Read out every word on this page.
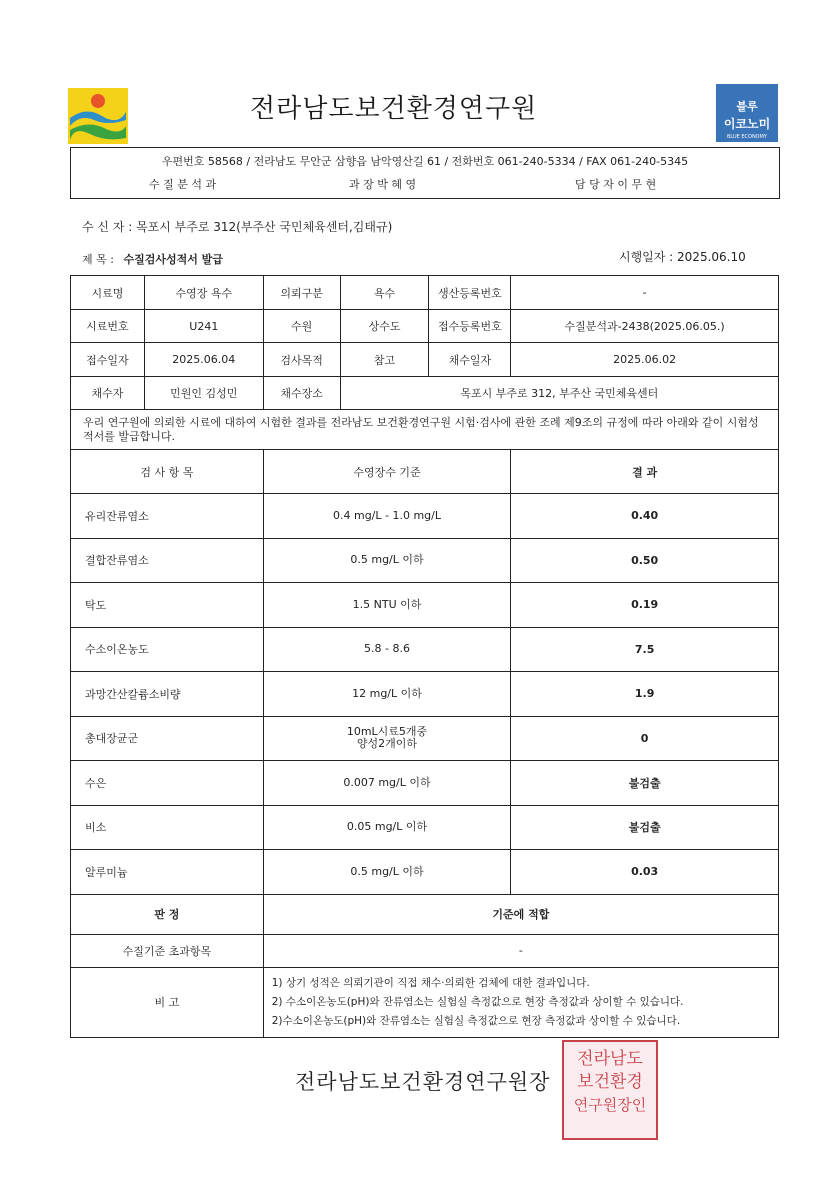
전라남도보건환경연구원	블루
이코노미
BLUE ECONOMY
우편번호 58568 / 전라남도 무안군 삼향읍 남악영산길 61 / 전화번호 061-240-5334 / FAX 061-240-5345
수 질 분 석 과	과 장 박 혜 영	담 당 자 이 무 현
수 신 자 : 목포시 부주로 312(부주산 국민체육센터,김태규)
제 목 : 수질검사성적서 발급	시행일자 : 2025.06.10
시료명	수영장 욕수	의뢰구분	욕수	생산등록번호	-
시료번호	U241	수원	상수도	접수등록번호	수질분석과-2438(2025.06.05.)
접수일자	2025.06.04	검사목적	참고	채수일자	2025.06.02
채수자	민원인 김성민	채수장소	목포시 부주로 312, 부주산 국민체육센터		
우리 연구원에 의뢰한 시료에 대하여 시험한 결과를 전라남도 보건환경연구원 시험·검사에 관한 조례 제9조의 규정에 따라 아래와 같이 시험성적서를 발급합니다.					
검 사 항 목		수영장수 기준			결 과
유리잔류염소		0.4 mg/L - 1.0 mg/L			0.40
결합잔류염소		0.5 mg/L 이하			0.50
탁도		1.5 NTU 이하			0.19
수소이온농도		5.8 - 8.6			7.5
과망간산칼륨소비량		12 mg/L 이하			1.9
총대장균군		10mL시료5개중
양성2개이하			0
수은		0.007 mg/L 이하			불검출
비소		0.05 mg/L 이하			불검출
알루미늄		0.5 mg/L 이하			0.03
판 정		기준에 적합			
수질기준 초과항목		-			
비 고		1) 상기 성적은 의뢰기관이 직접 채수·의뢰한 검체에 대한 결과입니다.
2) 수소이온농도(pH)와 잔류염소는 실험실 측정값으로 현장 측정값과 상이할 수 있습니다.
2)수소이온농도(pH)와 잔류염소는 실험실 측정값으로 현장 측정값과 상이할 수 있습니다.			
전라남도보건환경연구원장
전라남도
보건환경
연구원장인
